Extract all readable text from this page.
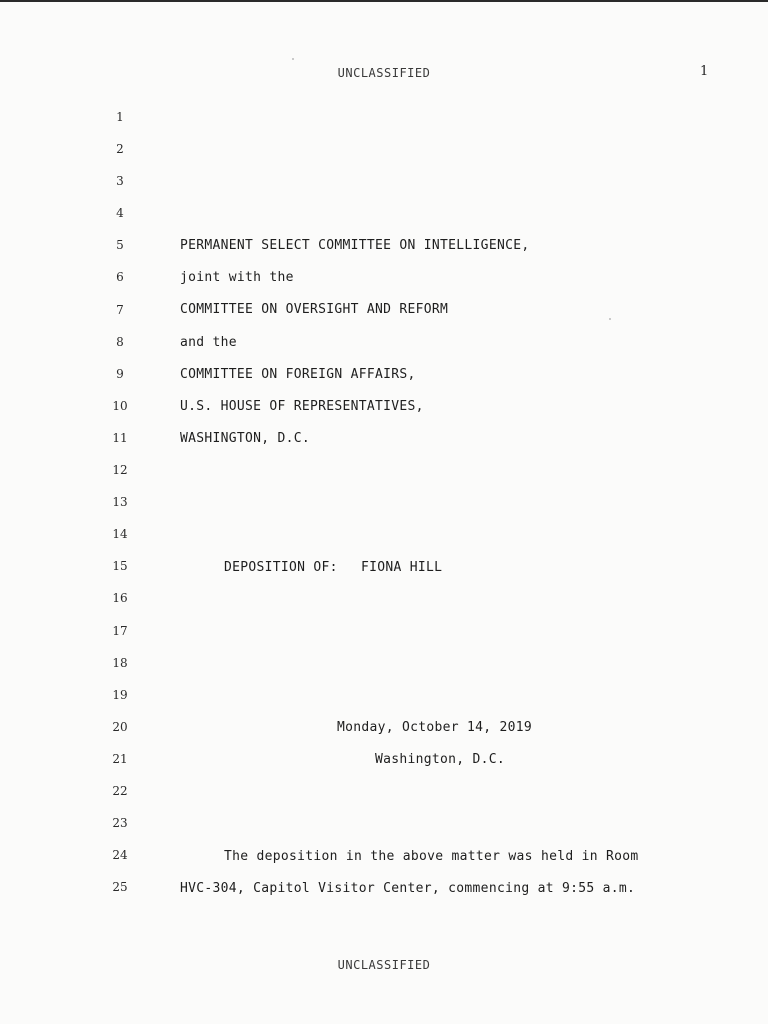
UNCLASSIFIED	1
1
2
3
4
5
6
7
8
9
10
11
12
13
14
15
16
17
18
19
20
21
22
23
24
25
PERMANENT SELECT COMMITTEE ON INTELLIGENCE,
joint with the
COMMITTEE ON OVERSIGHT AND REFORM
and the
COMMITTEE ON FOREIGN AFFAIRS,
U.S. HOUSE OF REPRESENTATIVES,
WASHINGTON, D.C.
DEPOSITION OF: FIONA HILL
Monday, October 14, 2019
Washington, D.C.
The deposition in the above matter was held in Room
HVC-304, Capitol Visitor Center, commencing at 9:55 a.m.
UNCLASSIFIED
